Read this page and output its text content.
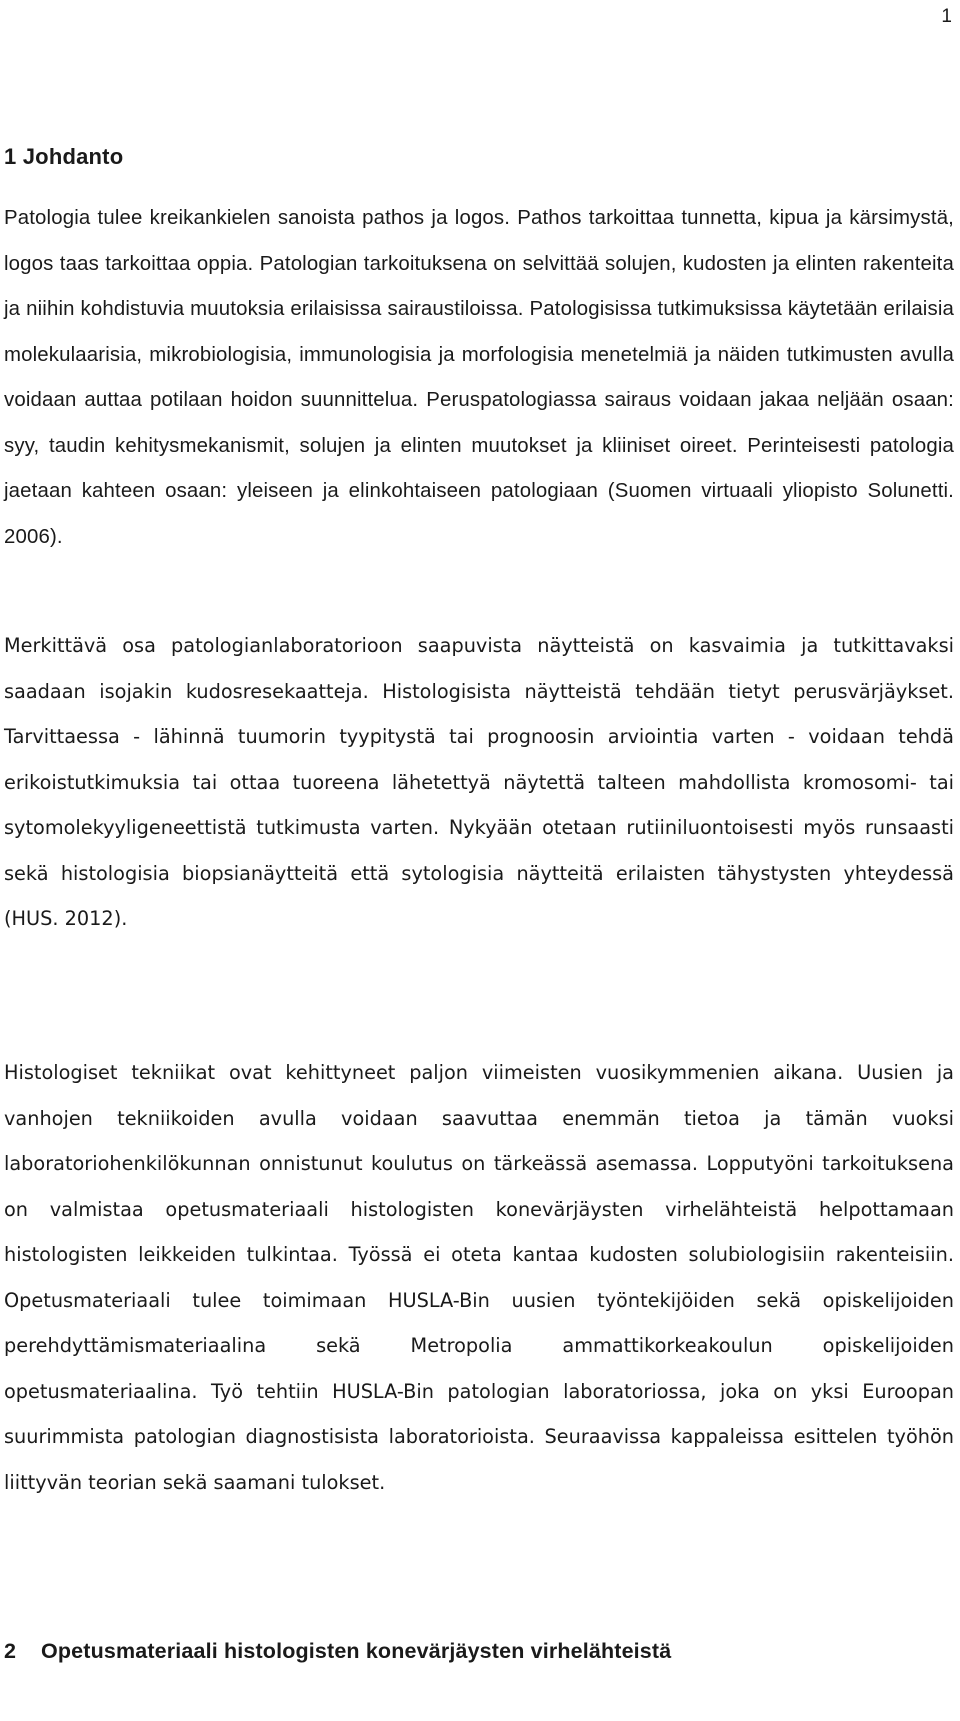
1
1 Johdanto

Patologia tulee kreikankielen sanoista pathos ja logos. Pathos tarkoittaa tunnetta, kipua ja kärsimystä, logos taas tarkoittaa oppia. Patologian tarkoituksena on selvittää solujen, kudosten ja elinten rakenteita ja niihin kohdistuvia muutoksia erilaisissa sairaustiloissa. Patologisissa tutkimuksissa käytetään erilaisia molekulaarisia, mikrobiologisia, immunologisia ja morfologisia menetelmiä ja näiden tutkimusten avulla voidaan auttaa potilaan hoidon suunnittelua. Peruspatologiassa sairaus voidaan jakaa neljään osaan: syy, taudin kehitysmekanismit, solujen ja elinten muutokset ja kliiniset oireet. Perinteisesti patologia jaetaan kahteen osaan: yleiseen ja elinkohtaiseen patologiaan (Suomen virtuaali yliopisto Solunetti. 2006).

Merkittävä osa patologianlaboratorioon saapuvista näytteistä on kasvaimia ja tutkittavaksi saadaan isojakin kudosresekaatteja. Histologisista näytteistä tehdään tietyt perusvärjäykset. Tarvittaessa - lähinnä tuumorin tyypitystä tai prognoosin arviointia varten - voidaan tehdä erikoistutkimuksia tai ottaa tuoreena lähetettyä näytettä talteen mahdollista kromosomi- tai sytomolekyyligeneettistä tutkimusta varten. Nykyään otetaan rutiiniluontoisesti myös runsaasti sekä histologisia biopsianäytteitä että sytologisia näytteitä erilaisten tähystysten yhteydessä (HUS. 2012).

Histologiset tekniikat ovat kehittyneet paljon viimeisten vuosikymmenien aikana. Uusien ja vanhojen tekniikoiden avulla voidaan saavuttaa enemmän tietoa ja tämän vuoksi laboratoriohenkilökunnan onnistunut koulutus on tärkeässä asemassa. Lopputyöni tarkoituksena on valmistaa opetusmateriaali histologisten konevärjäysten virhelähteistä helpottamaan histologisten leikkeiden tulkintaa. Työssä ei oteta kantaa kudosten solubiologisiin rakenteisiin. Opetusmateriaali tulee toimimaan HUSLA-Bin uusien työntekijöiden sekä opiskelijoiden perehdyttämismateriaalina sekä Metropolia ammattikorkeakoulun opiskelijoiden opetusmateriaalina. Työ tehtiin HUSLA-Bin patologian laboratoriossa, joka on yksi Euroopan suurimmista patologian diagnostisista laboratorioista. Seuraavissa kappaleissa esittelen työhön liittyvän teorian sekä saamani tulokset.

2 Opetusmateriaali histologisten konevärjäysten virhelähteistä
